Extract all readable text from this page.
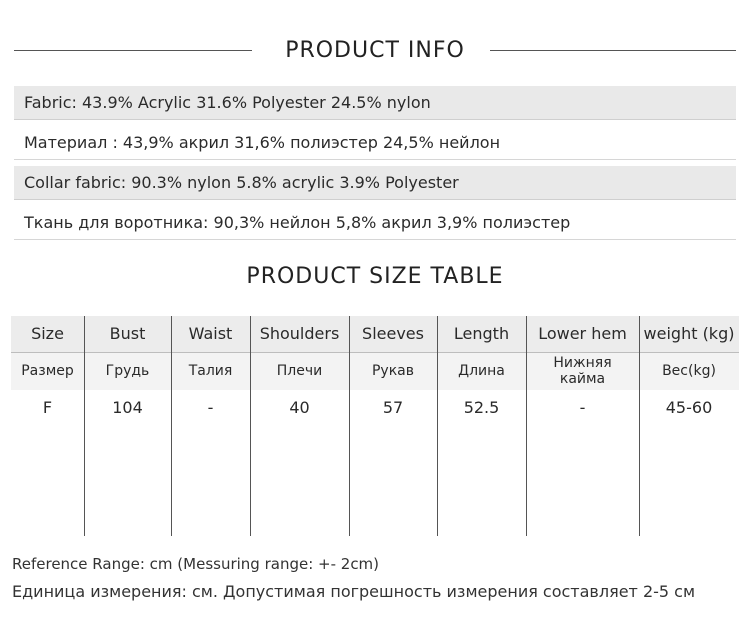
PRODUCT INFO
Fabric: 43.9% Acrylic 31.6% Polyester 24.5% nylon
Материал : 43,9% акрил 31,6% полиэстер 24,5% нейлон
Collar fabric: 90.3% nylon 5.8% acrylic 3.9% Polyester
Ткань для воротника: 90,3% нейлон 5,8% акрил 3,9% полиэстер
PRODUCT SIZE TABLE
Size
Размер
F
Bust
Грудь
104
Waist
Талия
-
Shoulders
Плечи
40
Sleeves
Рукав
57
Length
Длина
52.5
Lower hem
Нижняя кайма
-
weight (kg)
Вес(kg)
45-60
Reference Range: cm (Messuring range: +- 2cm)
Единица измерения: см. Допустимая погрешность измерения составляет 2-5 см
